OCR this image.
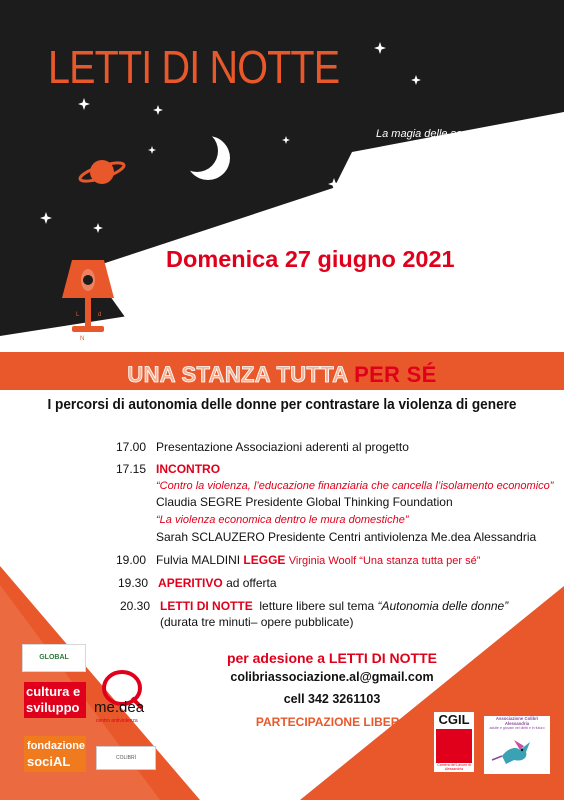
L	d
N
LETTI DI NOTTE
La magia delle sere estive si fonde con quella di Letti Di Notte: la notte bianca della lettura in cui grandi e piccoli possono sognare sotto le stelle, tra le pagine e le parole di testi scelti con cura .
Domenica 27 giugno 2021
cortile Camera del Lavoro
Via Cavour, 29 Alessandria
UNA STANZA TUTTA PER SÉ
I percorsi di autonomia delle donne per contrastare la violenza di genere
17.00 Presentazione Associazioni aderenti al progetto
17.15 INCONTRO
“Contro la violenza, l’educazione finanziaria che cancella l’isolamento economico”
Claudia SEGRE Presidente Global Thinking Foundation
“La violenza economica dentro le mura domestiche”
Sarah SCLAUZERO Presidente Centri antiviolenza Me.dea Alessandria
19.00 Fulvia MALDINI LEGGE Virginia Woolf “Una stanza tutta per sé”
19.30 APERITIVO ad offerta
20.30 LETTI DI NOTTE letture libere sul tema “Autonomia delle donne”
(durata tre minuti– opere pubblicate)
per adesione a LETTI DI NOTTE
colibriassociazione.al@gmail.com
cell 342 3261103
PARTECIPAZIONE LIBERA
GLOBAL
cultura e
sviluppo
fondazione
sociAL
me.dea
centro antiviolenza
COLIBRÌ
CGIL
Camera del Lavoro di Alessandria
Associazione Colibrì Alessandria
adulte e giovani nei diritti e in futuro
